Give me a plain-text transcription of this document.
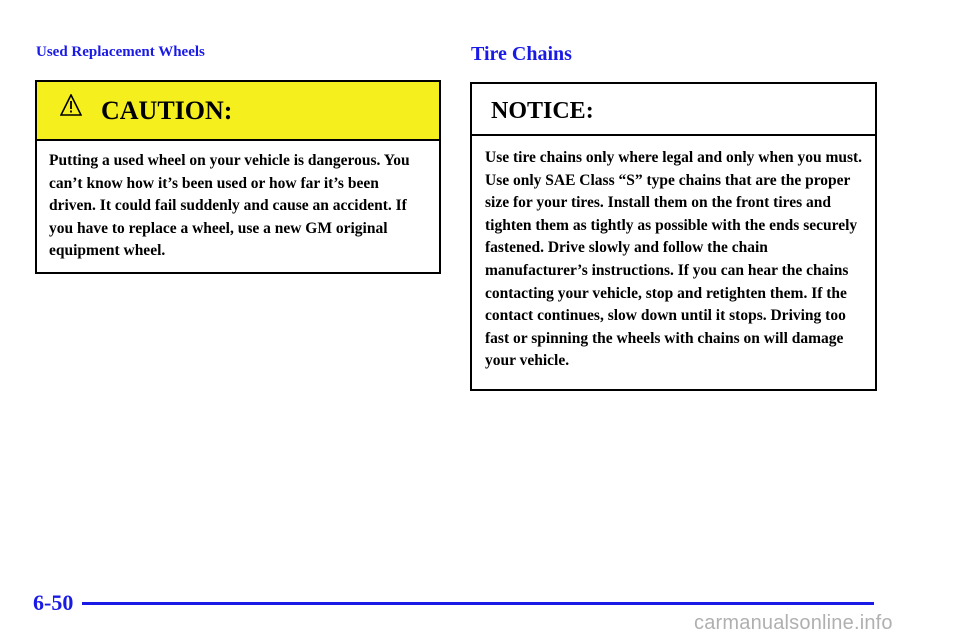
Used Replacement Wheels
CAUTION:
Putting a used wheel on your vehicle is dangerous. You can’t know how it’s been used or how far it’s been driven. It could fail suddenly and cause an accident. If you have to replace a wheel, use a new GM original equipment wheel.
Tire Chains
NOTICE:
Use tire chains only where legal and only when you must. Use only SAE Class “S” type chains that are the proper size for your tires. Install them on the front tires and tighten them as tightly as possible with the ends securely fastened. Drive slowly and follow the chain manufacturer’s instructions. If you can hear the chains contacting your vehicle, stop and retighten them. If the contact continues, slow down until it stops. Driving too fast or spinning the wheels with chains on will damage your vehicle.
6-50
carmanualsonline.info
